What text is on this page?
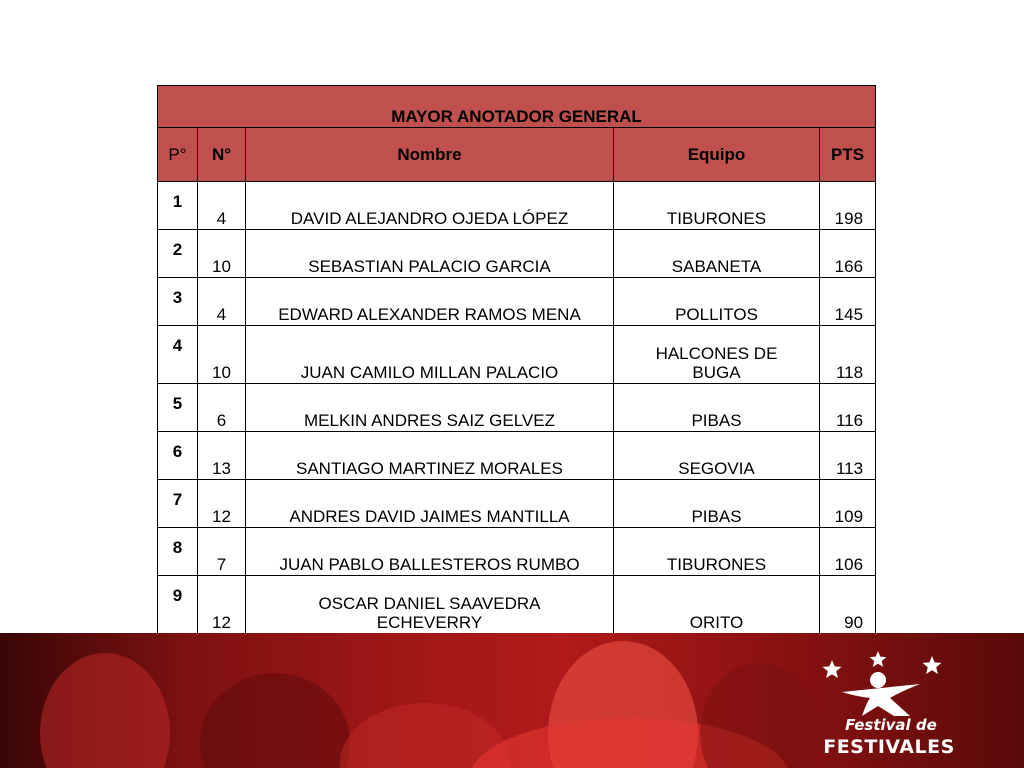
MAYOR ANOTADOR GENERAL				
P°	N°	Nombre	Equipo	PTS
1	4	DAVID ALEJANDRO OJEDA LÓPEZ	TIBURONES	198
2	10	SEBASTIAN PALACIO GARCIA	SABANETA	166
3	4	EDWARD ALEXANDER RAMOS MENA	POLLITOS	145
4	10	JUAN CAMILO MILLAN PALACIO	HALCONES DE BUGA	118
5	6	MELKIN ANDRES SAIZ GELVEZ	PIBAS	116
6	13	SANTIAGO MARTINEZ MORALES	SEGOVIA	113
7	12	ANDRES DAVID JAIMES MANTILLA	PIBAS	109
8	7	JUAN PABLO BALLESTEROS RUMBO	TIBURONES	106
9	12	OSCAR DANIEL SAAVEDRA ECHEVERRY	ORITO	90

Festival de
FESTIVALES
